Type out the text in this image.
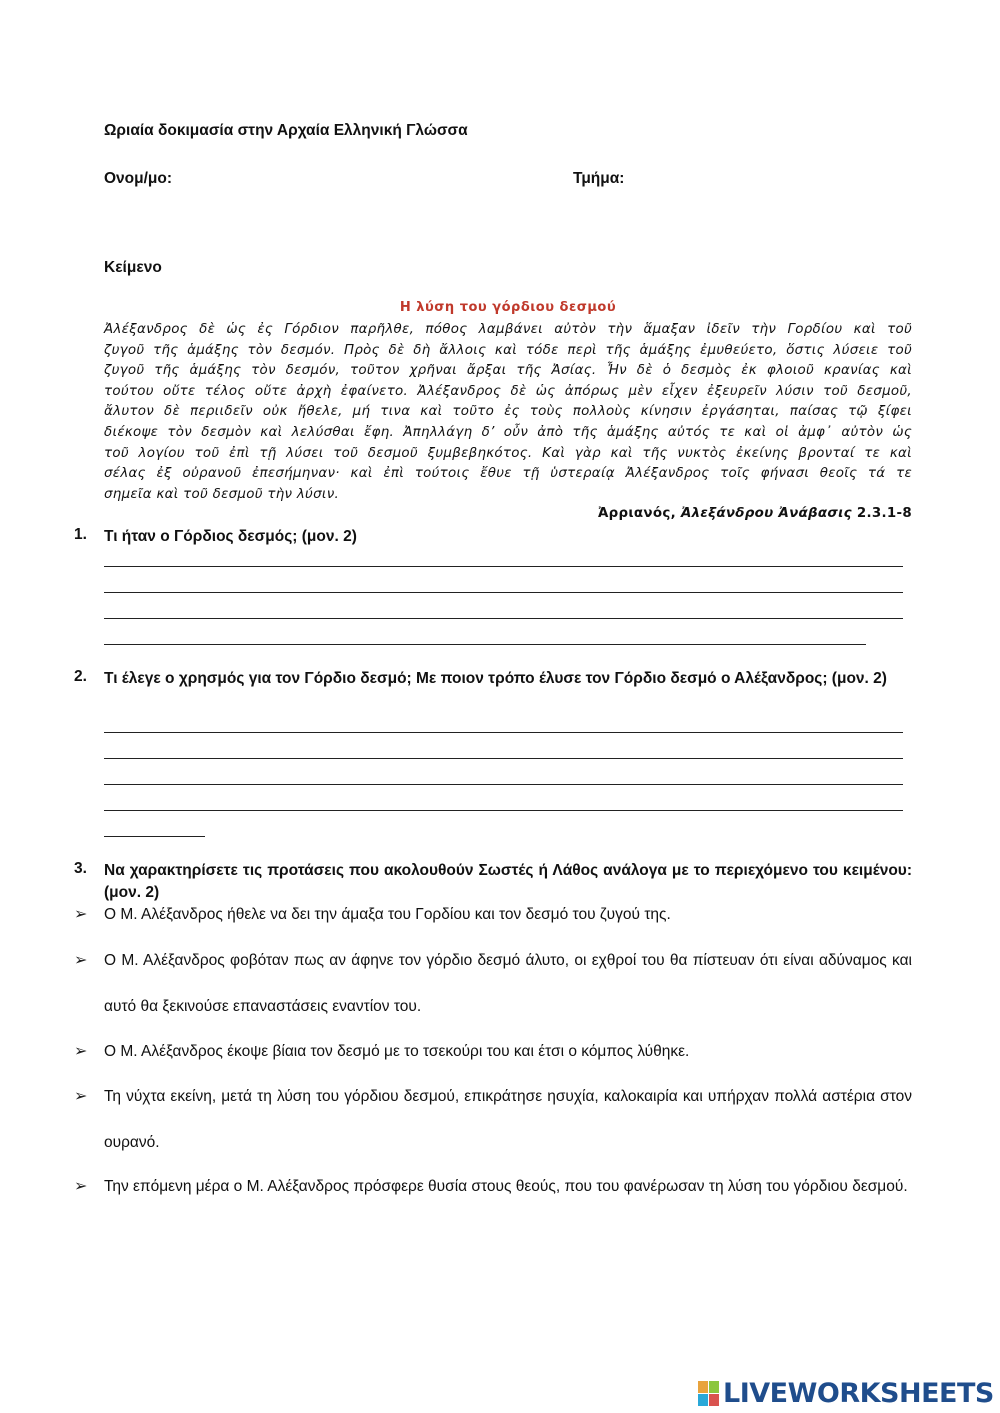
Ωριαία δοκιμασία στην Αρχαία Ελληνική Γλώσσα
Ονομ/μο:	Τμήμα:
Κείμενο
Η λύση του γόρδιου δεσμού
Ἀλέξανδρος δὲ ὡς ἐς Γόρδιον παρῆλθε, πόθος λαμβάνει αὐτὸν τὴν ἅμαξαν ἰδεῖν τὴν Γορδίου καὶ τοῦ
ζυγοῦ τῆς ἁμάξης τὸν δεσμόν. Πρὸς δὲ δὴ ἄλλοις καὶ τόδε περὶ τῆς ἁμάξης ἐμυθεύετο, ὅστις λύσειε τοῦ
ζυγοῦ τῆς ἁμάξης τὸν δεσμόν, τοῦτον χρῆναι ἄρξαι τῆς Ἀσίας. Ἦν δὲ ὁ δεσμὸς ἐκ φλοιοῦ κρανίας καὶ
τούτου οὔτε τέλος οὔτε ἀρχὴ ἐφαίνετο. Ἀλέξανδρος δὲ ὡς ἀπόρως μὲν εἶχεν ἐξευρεῖν λύσιν τοῦ δεσμοῦ,
ἄλυτον δὲ περιιδεῖν οὐκ ἤθελε, μή τινα καὶ τοῦτο ἐς τοὺς πολλοὺς κίνησιν ἐργάσηται, παίσας τῷ ξίφει
διέκοψε τὸν δεσμὸν καὶ λελύσθαι ἔφη. Ἀπηλλάγη δ’ οὖν ἀπὸ τῆς ἁμάξης αὐτός τε καὶ οἱ ἀμφ᾽ αὐτὸν ὡς
τοῦ λογίου τοῦ ἐπὶ τῇ λύσει τοῦ δεσμοῦ ξυμβεβηκότος. Καὶ γὰρ καὶ τῆς νυκτὸς ἐκείνης βρονταί τε καὶ
σέλας ἐξ οὐρανοῦ ἐπεσήμηναν· καὶ ἐπὶ τούτοις ἔθυε τῇ ὑστεραίᾳ Ἀλέξανδρος τοῖς φήνασι θεοῖς τά τε
σημεῖα καὶ τοῦ δεσμοῦ τὴν λύσιν.
Ἀρριανός, Ἀλεξάνδρου Ἀνάβασις 2.3.1-8
1. Τι ήταν ο Γόρδιος δεσμός; (μον. 2)
2. Τι έλεγε ο χρησμός για τον Γόρδιο δεσμό; Με ποιον τρόπο έλυσε τον Γόρδιο δεσμό ο Αλέξανδρος; (μον. 2)
3. Να χαρακτηρίσετε τις προτάσεις που ακολουθούν Σωστές ή Λάθος ανάλογα με το περιεχόμενο του κειμένου: (μον. 2)
➢ Ο Μ. Αλέξανδρος ήθελε να δει την άμαξα του Γορδίου και τον δεσμό του ζυγού της.
➢ Ο Μ. Αλέξανδρος φοβόταν πως αν άφηνε τον γόρδιο δεσμό άλυτο, οι εχθροί του θα πίστευαν ότι είναι αδύναμος και αυτό θα ξεκινούσε επαναστάσεις εναντίον του.
➢ Ο Μ. Αλέξανδρος έκοψε βίαια τον δεσμό με το τσεκούρι του και έτσι ο κόμπος λύθηκε.
➢ Τη νύχτα εκείνη, μετά τη λύση του γόρδιου δεσμού, επικράτησε ησυχία, καλοκαιρία και υπήρχαν πολλά αστέρια στον ουρανό.
➢ Την επόμενη μέρα ο Μ. Αλέξανδρος πρόσφερε θυσία στους θεούς, που του φανέρωσαν τη λύση του γόρδιου δεσμού.
LIVEWORKSHEETS
